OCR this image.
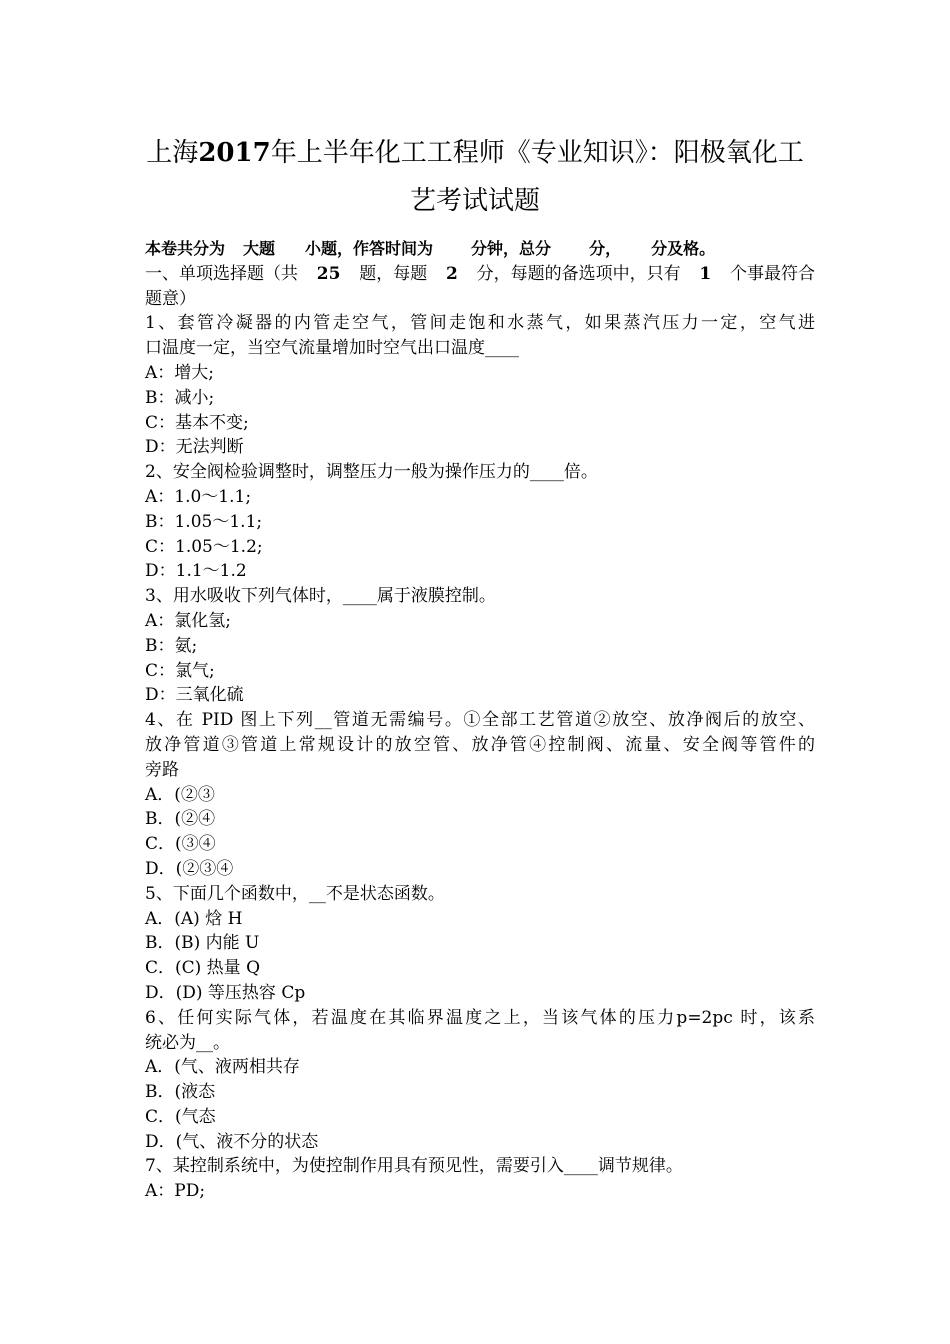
上海2017年上半年化工工程师《专业知识》：阳极氧化工
艺考试试题
本卷共分为 大题 小题，作答时间为 分钟，总分 分， 分及格。
一、单项选择题（共 25 题，每题 2 分，每题的备选项中，只有 1 个事最符合
题意）
1、套管冷凝器的内管走空气，管间走饱和水蒸气，如果蒸汽压力一定，空气进
口温度一定，当空气流量增加时空气出口温度____
A：增大;
B：减小;
C：基本不变;
D：无法判断
2、安全阀检验调整时，调整压力一般为操作压力的____倍。
A：1.0～1.1;
B：1.05～1.1;
C：1.05～1.2;
D：1.1～1.2
3、用水吸收下列气体时，____属于液膜控制。
A：氯化氢;
B：氨;
C：氯气;
D：三氧化硫
4、在 PID 图上下列__管道无需编号。①全部工艺管道②放空、放净阀后的放空、
放净管道③管道上常规设计的放空管、放净管④控制阀、流量、安全阀等管件的
旁路
A．(②③
B．(②④
C．(③④
D．(②③④
5、下面几个函数中，__不是状态函数。
A．(A) 焓 H
B．(B) 内能 U
C．(C) 热量 Q
D．(D) 等压热容 Cp
6、任何实际气体，若温度在其临界温度之上，当该气体的压力p=2pc 时，该系
统必为__。
A．(气、液两相共存
B．(液态
C．(气态
D．(气、液不分的状态
7、某控制系统中，为使控制作用具有预见性，需要引入____调节规律。
A：PD;
